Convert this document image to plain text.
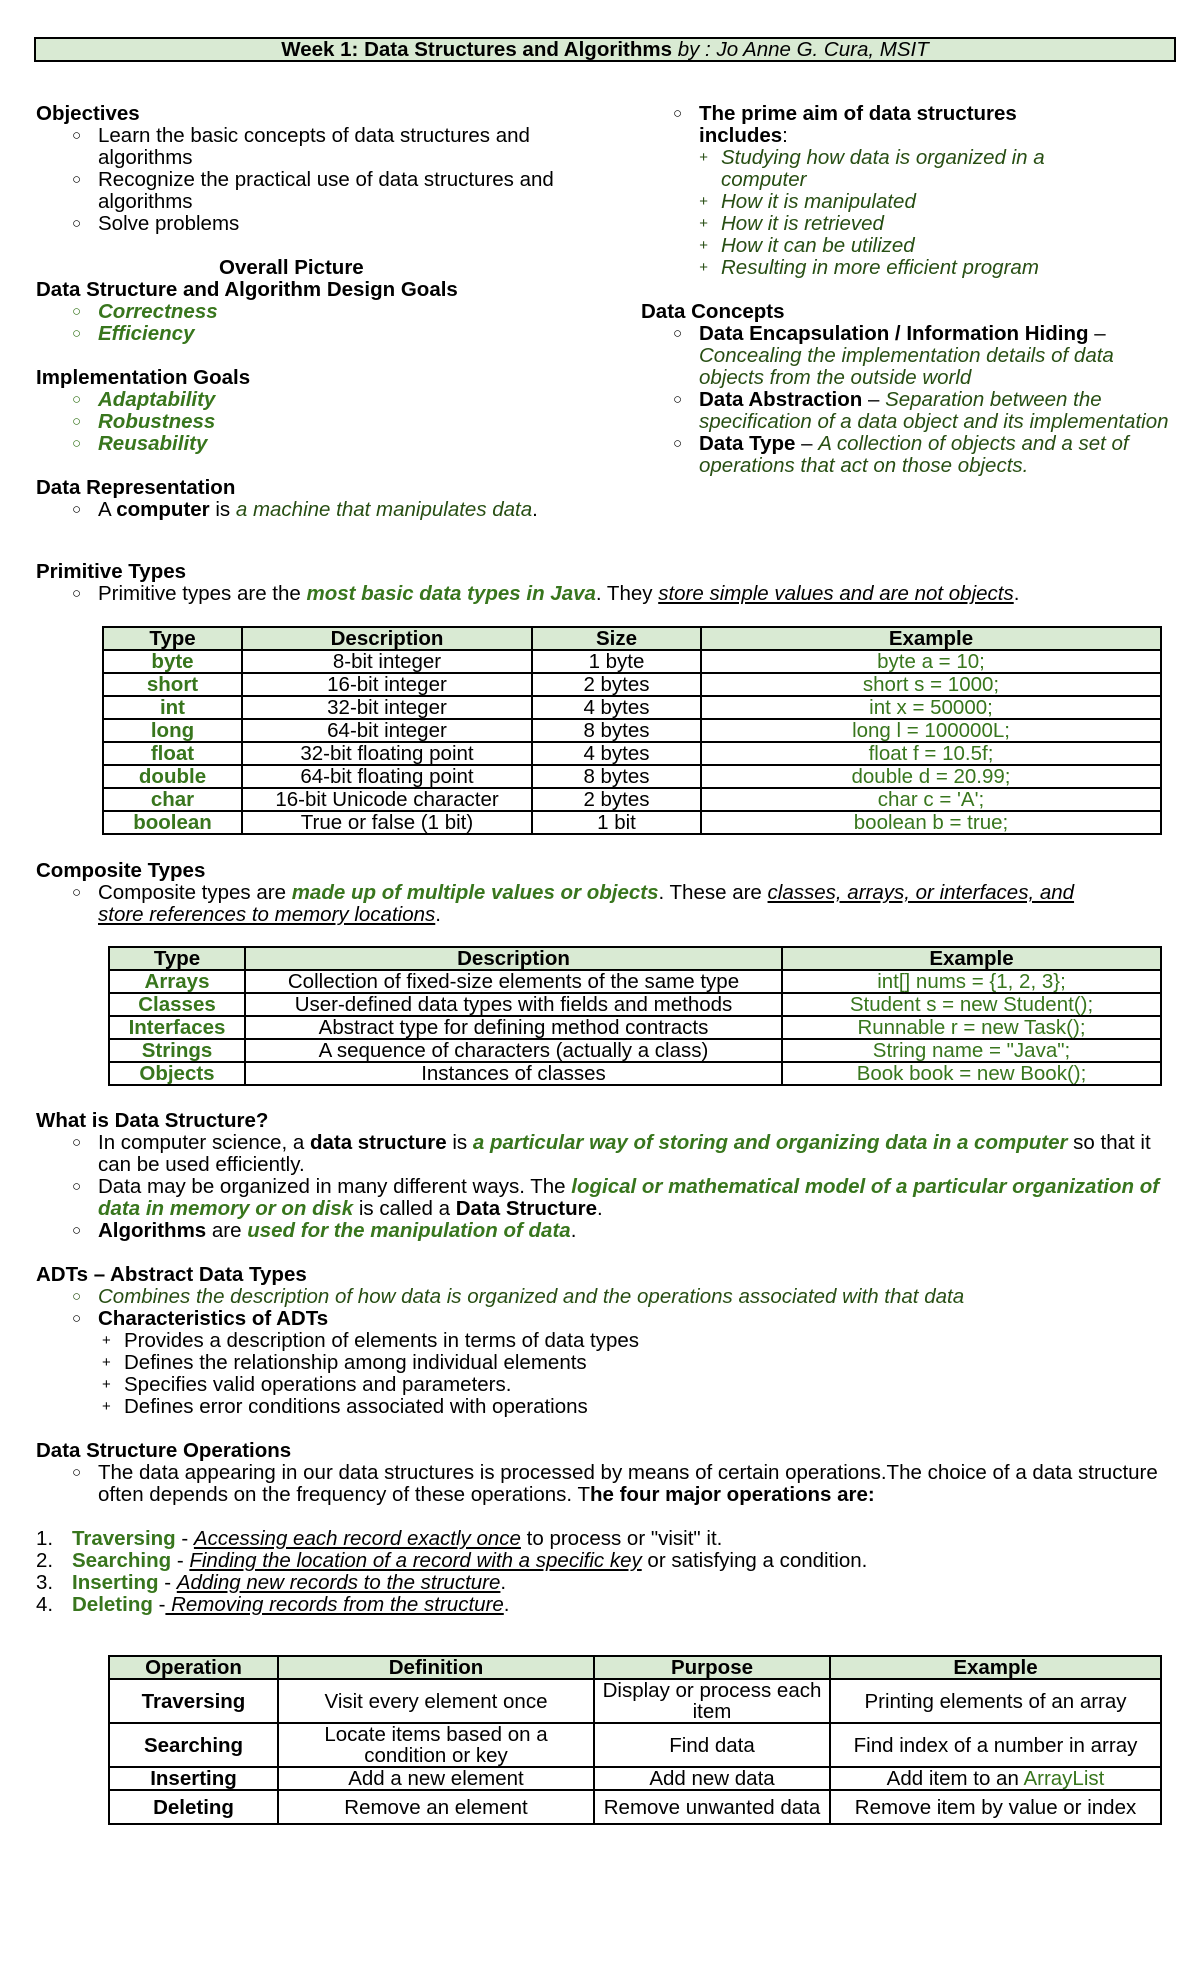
Week 1: Data Structures and Algorithms by : Jo Anne G. Cura, MSIT
Objectives
○ Learn the basic concepts of data structures and algorithms
○ Recognize the practical use of data structures and algorithms
○ Solve problems
Overall Picture
Data Structure and Algorithm Design Goals
○ Correctness
○ Efficiency
Implementation Goals
○ Adaptability
○ Robustness
○ Reusability
Data Representation
○ A computer is a machine that manipulates data.
○ The prime aim of data structures includes:
+ Studying how data is organized in a computer
+ How it is manipulated
+ How it is retrieved
+ How it can be utilized
+ Resulting in more efficient program
Data Concepts
○ Data Encapsulation / Information Hiding – Concealing the implementation details of data objects from the outside world
○ Data Abstraction – Separation between the specification of a data object and its implementation
○ Data Type – A collection of objects and a set of operations that act on those objects.
Primitive Types
○ Primitive types are the most basic data types in Java. They store simple values and are not objects.
Type	Description	Size	Example
byte	8-bit integer	1 byte	byte a = 10;
short	16-bit integer	2 bytes	short s = 1000;
int	32-bit integer	4 bytes	int x = 50000;
long	64-bit integer	8 bytes	long l = 100000L;
float	32-bit floating point	4 bytes	float f = 10.5f;
double	64-bit floating point	8 bytes	double d = 20.99;
char	16-bit Unicode character	2 bytes	char c = 'A';
boolean	True or false (1 bit)	1 bit	boolean b = true;
Composite Types
○ Composite types are made up of multiple values or objects. These are classes, arrays, or interfaces, and store references to memory locations.
Type	Description	Example
Arrays	Collection of fixed-size elements of the same type	int[] nums = {1, 2, 3};
Classes	User-defined data types with fields and methods	Student s = new Student();
Interfaces	Abstract type for defining method contracts	Runnable r = new Task();
Strings	A sequence of characters (actually a class)	String name = "Java";
Objects	Instances of classes	Book book = new Book();
What is Data Structure?
○ In computer science, a data structure is a particular way of storing and organizing data in a computer so that it can be used efficiently.
○ Data may be organized in many different ways. The logical or mathematical model of a particular organization of data in memory or on disk is called a Data Structure.
○ Algorithms are used for the manipulation of data.
ADTs – Abstract Data Types
○ Combines the description of how data is organized and the operations associated with that data
○ Characteristics of ADTs
+ Provides a description of elements in terms of data types
+ Defines the relationship among individual elements
+ Specifies valid operations and parameters.
+ Defines error conditions associated with operations
Data Structure Operations
○ The data appearing in our data structures is processed by means of certain operations.The choice of a data structure often depends on the frequency of these operations. The four major operations are:
1. Traversing - Accessing each record exactly once to process or "visit" it.
2. Searching - Finding the location of a record with a specific key or satisfying a condition.
3. Inserting - Adding new records to the structure.
4. Deleting - Removing records from the structure.
Operation	Definition	Purpose	Example
Traversing	Visit every element once	Display or process each item	Printing elements of an array
Searching	Locate items based on a condition or key	Find data	Find index of a number in array
Inserting	Add a new element	Add new data	Add item to an ArrayList
Deleting	Remove an element	Remove unwanted data	Remove item by value or index
